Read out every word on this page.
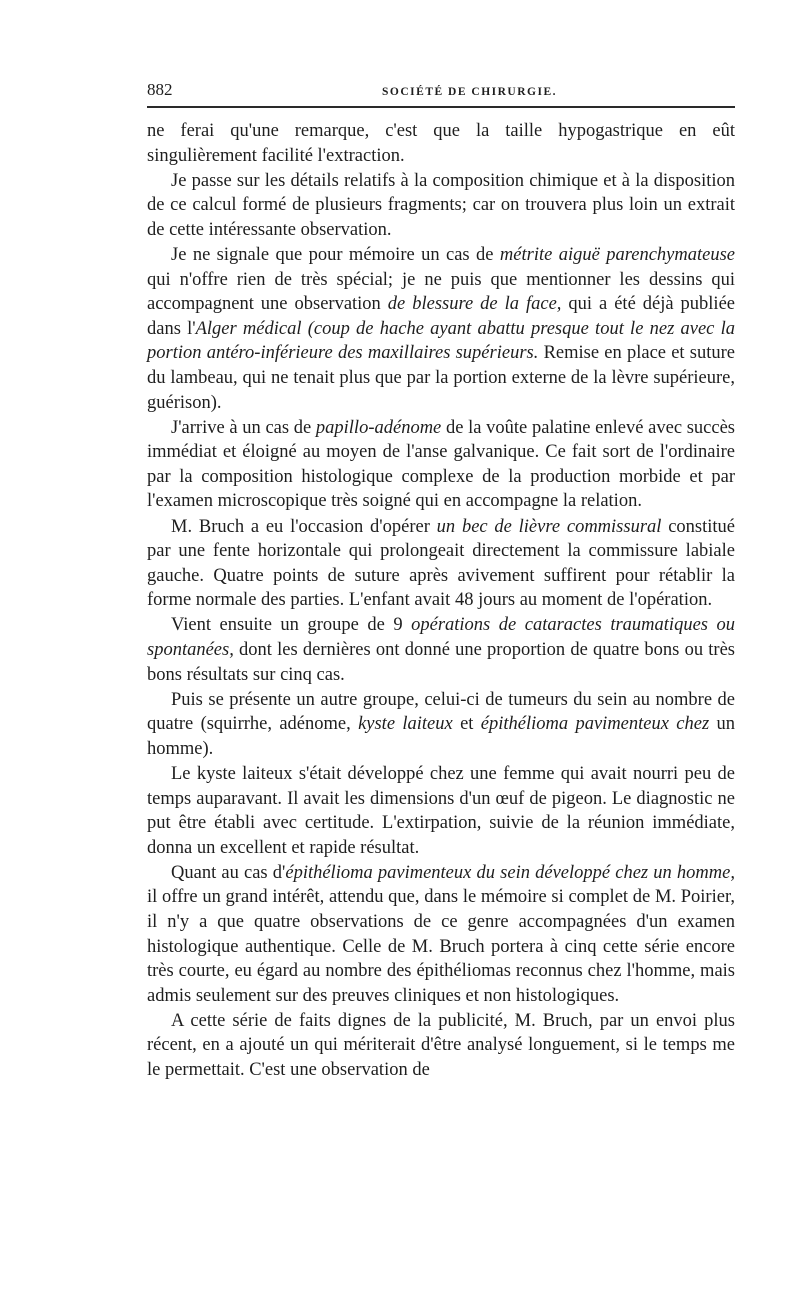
882	SOCIÉTÉ DE CHIRURGIE.

ne ferai qu'une remarque, c'est que la taille hypogastrique en eût singulièrement facilité l'extraction.

Je passe sur les détails relatifs à la composition chimique et à la disposition de ce calcul formé de plusieurs fragments; car on trouvera plus loin un extrait de cette intéressante observation.

Je ne signale que pour mémoire un cas de métrite aiguë parenchymateuse qui n'offre rien de très spécial; je ne puis que mentionner les dessins qui accompagnent une observation de blessure de la face, qui a été déjà publiée dans l'Alger médical (coup de hache ayant abattu presque tout le nez avec la portion antéro-inférieure des maxillaires supérieurs. Remise en place et suture du lambeau, qui ne tenait plus que par la portion externe de la lèvre supérieure, guérison).

J'arrive à un cas de papillo-adénome de la voûte palatine enlevé avec succès immédiat et éloigné au moyen de l'anse galvanique. Ce fait sort de l'ordinaire par la composition histologique complexe de la production morbide et par l'examen microscopique très soigné qui en accompagne la relation.

M. Bruch a eu l'occasion d'opérer un bec de lièvre commissural constitué par une fente horizontale qui prolongeait directement la commissure labiale gauche. Quatre points de suture après avivement suffirent pour rétablir la forme normale des parties. L'enfant avait 48 jours au moment de l'opération.

Vient ensuite un groupe de 9 opérations de cataractes traumatiques ou spontanées, dont les dernières ont donné une proportion de quatre bons ou très bons résultats sur cinq cas.

Puis se présente un autre groupe, celui-ci de tumeurs du sein au nombre de quatre (squirrhe, adénome, kyste laiteux et épithélioma pavimenteux chez un homme).

Le kyste laiteux s'était développé chez une femme qui avait nourri peu de temps auparavant. Il avait les dimensions d'un œuf de pigeon. Le diagnostic ne put être établi avec certitude. L'extirpation, suivie de la réunion immédiate, donna un excellent et rapide résultat.

Quant au cas d'épithélioma pavimenteux du sein développé chez un homme, il offre un grand intérêt, attendu que, dans le mémoire si complet de M. Poirier, il n'y a que quatre observations de ce genre accompagnées d'un examen histologique authentique. Celle de M. Bruch portera à cinq cette série encore très courte, eu égard au nombre des épithéliomas reconnus chez l'homme, mais admis seulement sur des preuves cliniques et non histologiques.

A cette série de faits dignes de la publicité, M. Bruch, par un envoi plus récent, en a ajouté un qui mériterait d'être analysé longuement, si le temps me le permettait. C'est une observation de
